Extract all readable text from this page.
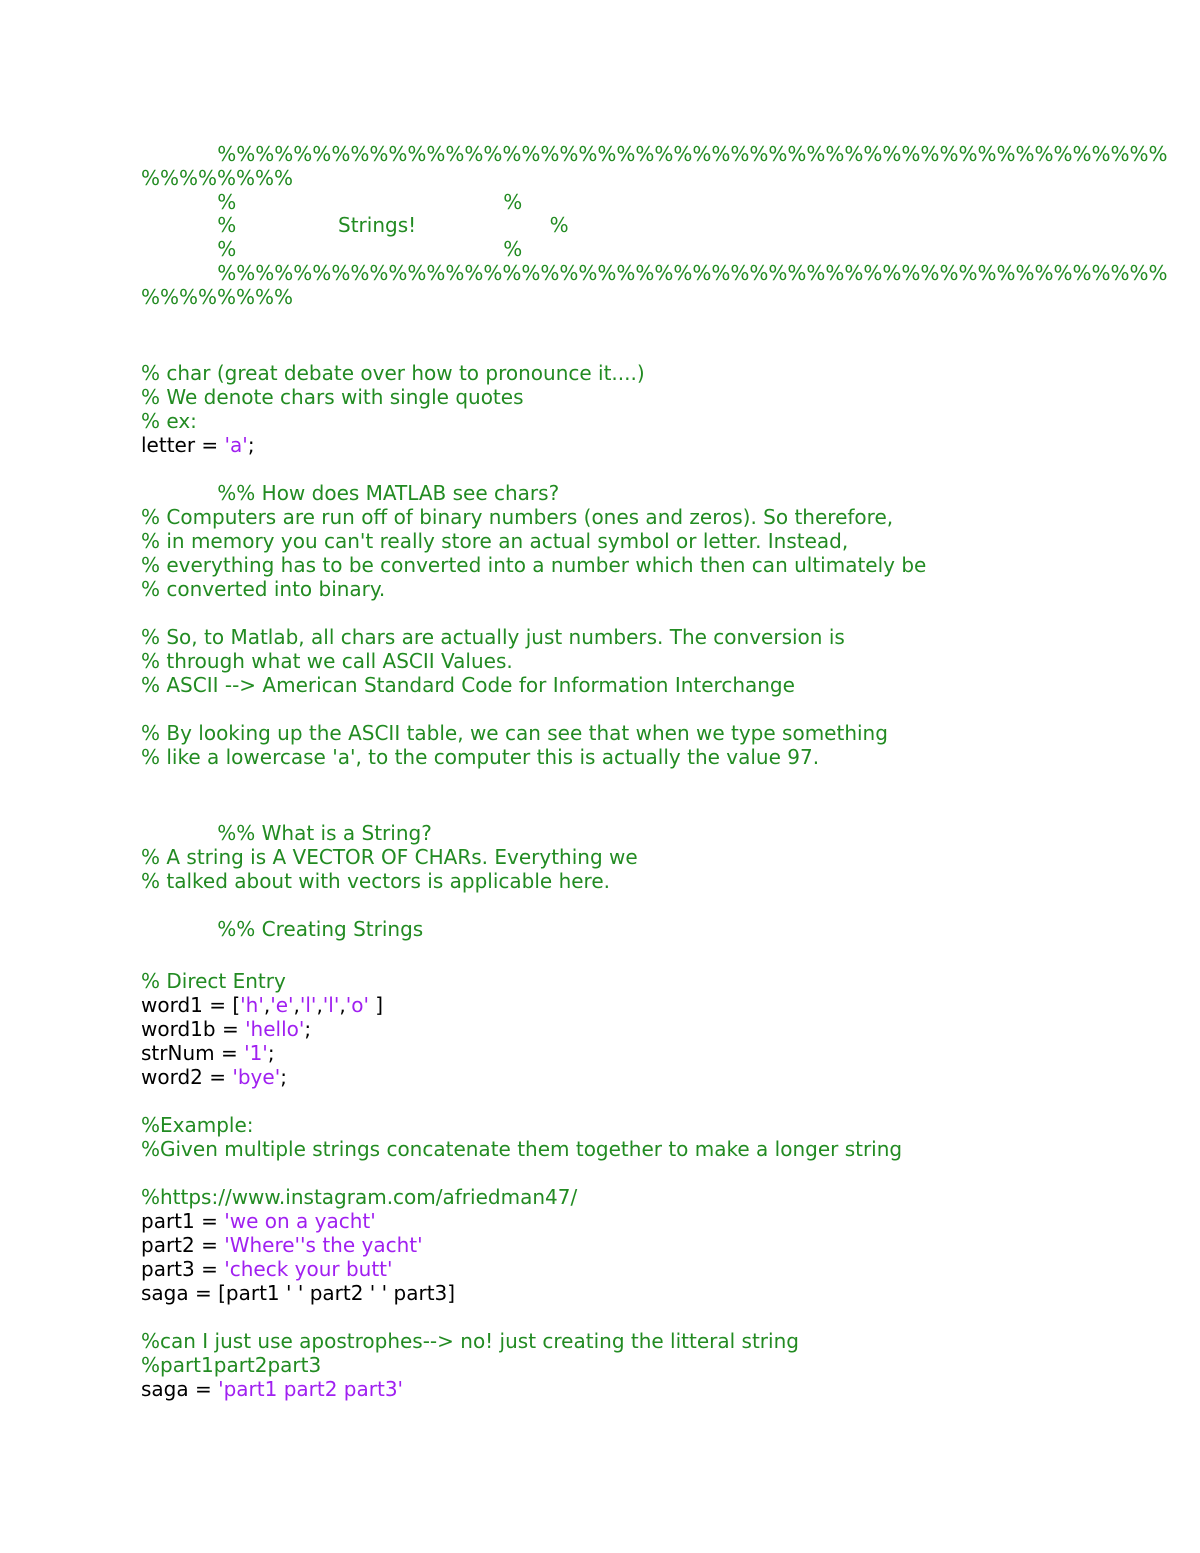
%%%%%%%%%%%%%%%%%%%%%%%%%%%%%%%%%%%%%%%%%%%%%%%%%%
%%%%%%%%
%                                          %
%                Strings!                     %
%                                          %
%%%%%%%%%%%%%%%%%%%%%%%%%%%%%%%%%%%%%%%%%%%%%%%%%%
%%%%%%%%
% char (great debate over how to pronounce it....)
% We denote chars with single quotes
% ex:
letter = 'a';
%% How does MATLAB see chars?
% Computers are run off of binary numbers (ones and zeros). So therefore,
% in memory you can't really store an actual symbol or letter. Instead,
% everything has to be converted into a number which then can ultimately be
% converted into binary.
% So, to Matlab, all chars are actually just numbers. The conversion is
% through what we call ASCII Values.
% ASCII --> American Standard Code for Information Interchange
% By looking up the ASCII table, we can see that when we type something
% like a lowercase 'a', to the computer this is actually the value 97.
%% What is a String?
% A string is A VECTOR OF CHARs. Everything we
% talked about with vectors is applicable here.
%% Creating Strings
% Direct Entry
word1 = ['h','e','l','l','o' ]
word1b = 'hello';
strNum = '1';
word2 = 'bye';
%Example:
%Given multiple strings concatenate them together to make a longer string
%https://www.instagram.com/afriedman47/
part1 = 'we on a yacht'
part2 = 'Where''s the yacht'
part3 = 'check your butt'
saga = [part1 ' ' part2 ' ' part3]
%can I just use apostrophes--> no! just creating the litteral string
%part1part2part3
saga = 'part1 part2 part3'
